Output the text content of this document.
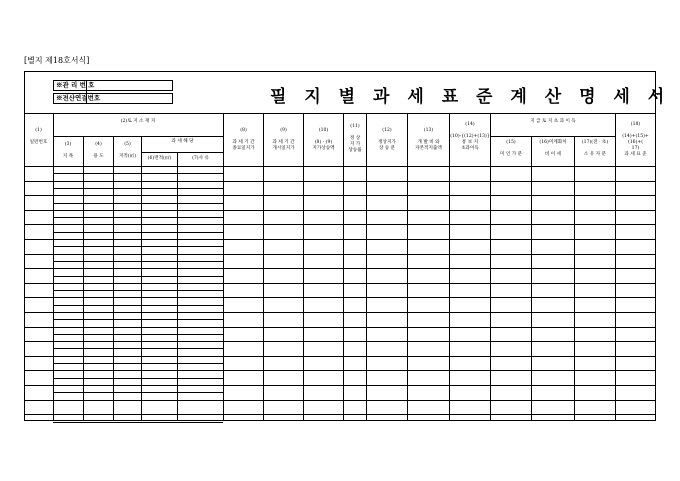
[별지 제18호서식]
※관 리 번 호
※전산연결번호	필 지 별 과 세 표 준 계 산 명 세 서
(1)

일련번호
(2)토 지 소 재 지
(3)

지 목
(4)

용 도
(5)

지적(㎡)
과 세 해 당
(6)면적(㎡)	(7)사 유
(8)

과 세 기 간
종료일지가
(9)

과 세 기 간
개시일지가
(10)

(8) - (9)
지가상승액
(11)

정 상
지 가
상승률
(12)

정상지가
상 승 분
(13)

개 발 비 와
자본적지출액
(14)

(10)-{(12)+(13)}
통 보 지
초과이득
지 급 토 지 초 과 이 득
(15)

미 인 가 분
(16)미계화처

비 이 세
(17)(전 · 초)

소 유 자 분
(18)

(14)+(15)+(16)+(
17)
과 세 표 준
